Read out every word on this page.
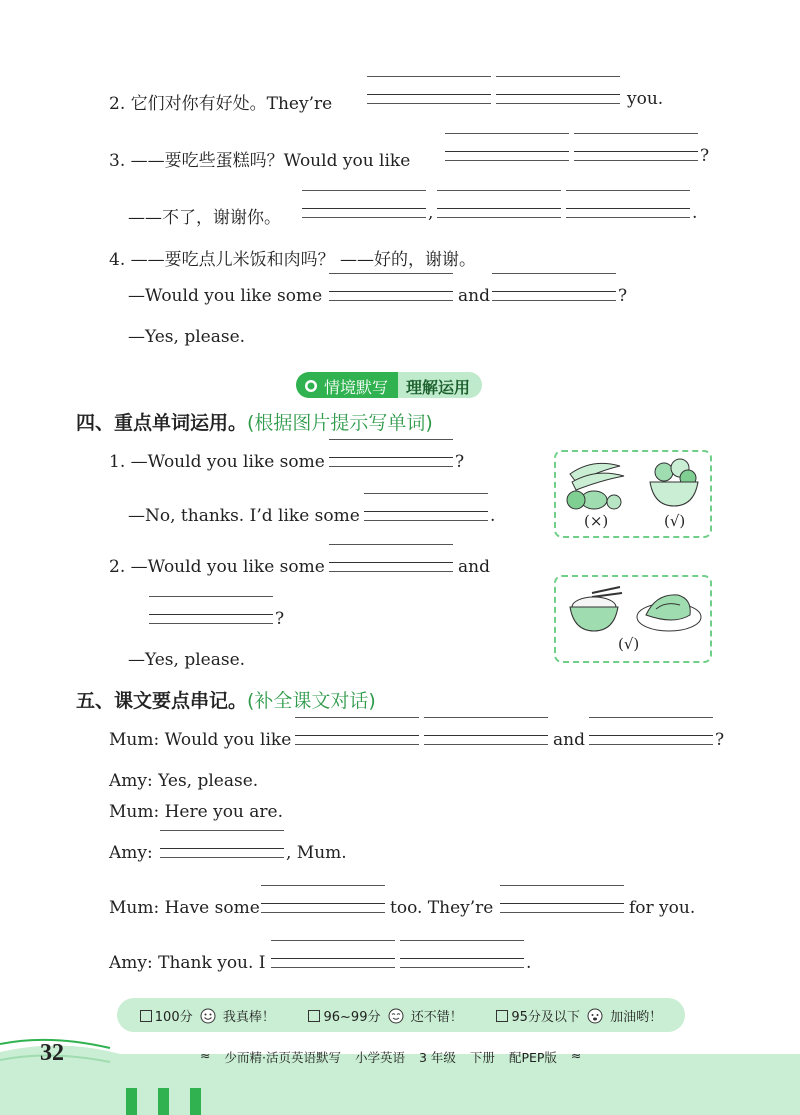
2. 它们对你有好处。They’re	you.
3. ——要吃些蛋糕吗？Would you like	?
——不了，谢谢你。	,	.
4. ——要吃点儿米饭和肉吗？ ——好的，谢谢。
—Would you like some	and	?
—Yes, please.
情境默写	理解运用
四、重点单词运用。(根据图片提示写单词)
1. —Would you like some	?
—No, thanks. I’d like some	.
2. —Would you like some	and
?
—Yes, please.
(×)	(√)
(√)
五、课文要点串记。(补全课文对话)
Mum: Would you like	and	?
Amy: Yes, please.
Mum: Here you are.
Amy:	, Mum.
Mum: Have some	too. They’re	for you.
Amy: Thank you. I	.
100分 我真棒！	96~99分 还不错！	95分及以下 加油哟！
32	≈ 少而精·活页英语默写 小学英语 3 年级 下册 配PEP版 ≈
